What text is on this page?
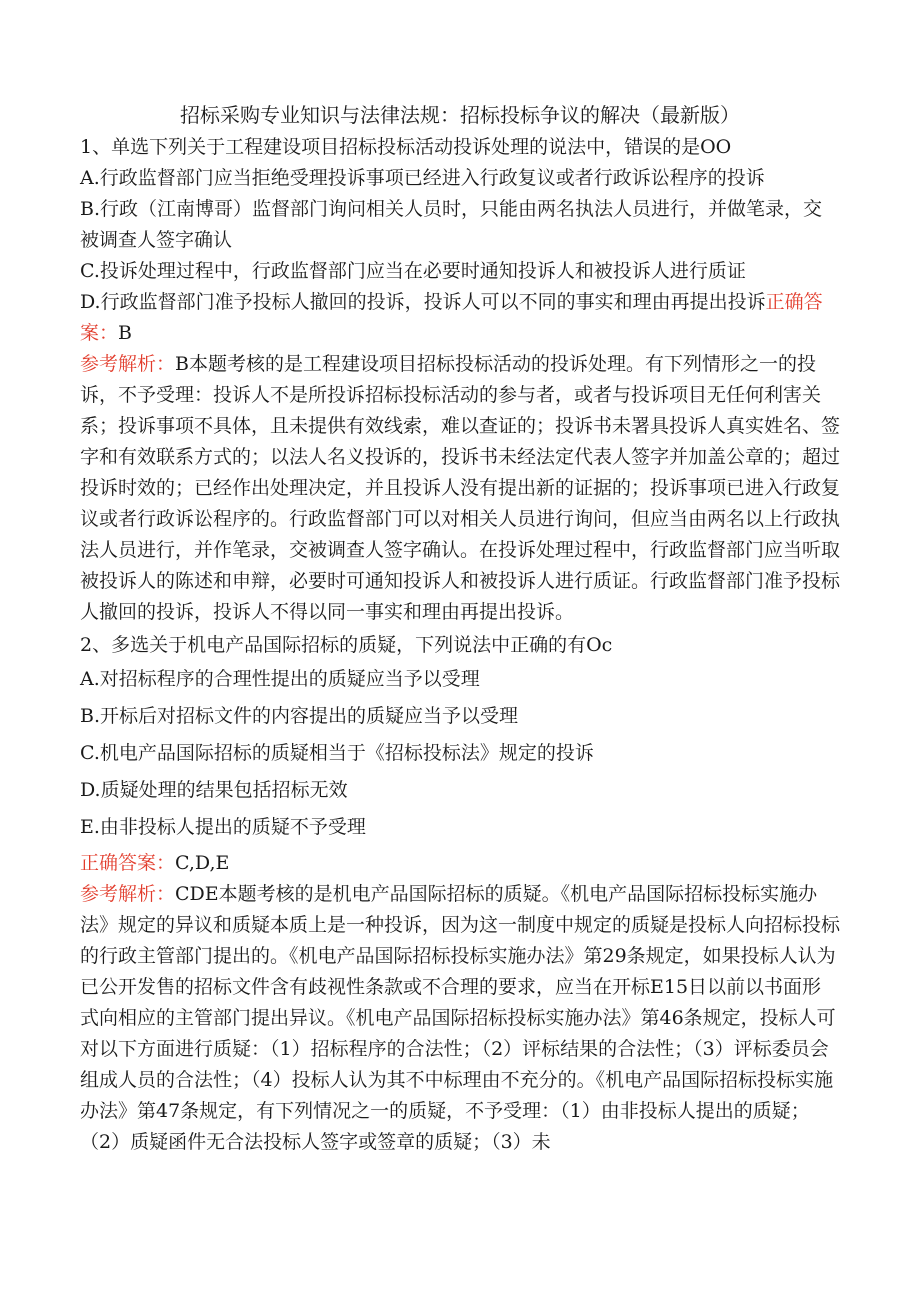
招标采购专业知识与法律法规：招标投标争议的解决（最新版）

1、单选下列关于工程建设项目招标投标活动投诉处理的说法中，错误的是OO

A.行政监督部门应当拒绝受理投诉事项已经进入行政复议或者行政诉讼程序的投诉

B.行政（江南博哥）监督部门询问相关人员时，只能由两名执法人员进行，并做笔录，交被调查人签字确认

C.投诉处理过程中，行政监督部门应当在必要时通知投诉人和被投诉人进行质证

D.行政监督部门准予投标人撤回的投诉，投诉人可以不同的事实和理由再提出投诉正确答案：B

参考解析：B本题考核的是工程建设项目招标投标活动的投诉处理。有下列情形之一的投诉，不予受理：投诉人不是所投诉招标投标活动的参与者，或者与投诉项目无任何利害关系；投诉事项不具体，且未提供有效线索，难以查证的；投诉书未署具投诉人真实姓名、签字和有效联系方式的；以法人名义投诉的，投诉书未经法定代表人签字并加盖公章的；超过投诉时效的；已经作出处理决定，并且投诉人没有提出新的证据的；投诉事项已进入行政复议或者行政诉讼程序的。行政监督部门可以对相关人员进行询问，但应当由两名以上行政执法人员进行，并作笔录，交被调查人签字确认。在投诉处理过程中，行政监督部门应当听取被投诉人的陈述和申辩，必要时可通知投诉人和被投诉人进行质证。行政监督部门准予投标人撤回的投诉，投诉人不得以同一事实和理由再提出投诉。

2、多选关于机电产品国际招标的质疑，下列说法中正确的有Oc

A.对招标程序的合理性提出的质疑应当予以受理

B.开标后对招标文件的内容提出的质疑应当予以受理

C.机电产品国际招标的质疑相当于《招标投标法》规定的投诉

D.质疑处理的结果包括招标无效

E.由非投标人提出的质疑不予受理

正确答案：C,D,E

参考解析：CDE本题考核的是机电产品国际招标的质疑。《机电产品国际招标投标实施办法》规定的异议和质疑本质上是一种投诉，因为这一制度中规定的质疑是投标人向招标投标的行政主管部门提出的。《机电产品国际招标投标实施办法》第29条规定，如果投标人认为已公开发售的招标文件含有歧视性条款或不合理的要求，应当在开标E15日以前以书面形式向相应的主管部门提出异议。《机电产品国际招标投标实施办法》第46条规定，投标人可对以下方面进行质疑：（1）招标程序的合法性；（2）评标结果的合法性；（3）评标委员会组成人员的合法性；（4）投标人认为其不中标理由不充分的。《机电产品国际招标投标实施办法》第47条规定，有下列情况之一的质疑，不予受理：（1）由非投标人提出的质疑；（2）质疑函件无合法投标人签字或签章的质疑；（3）未
